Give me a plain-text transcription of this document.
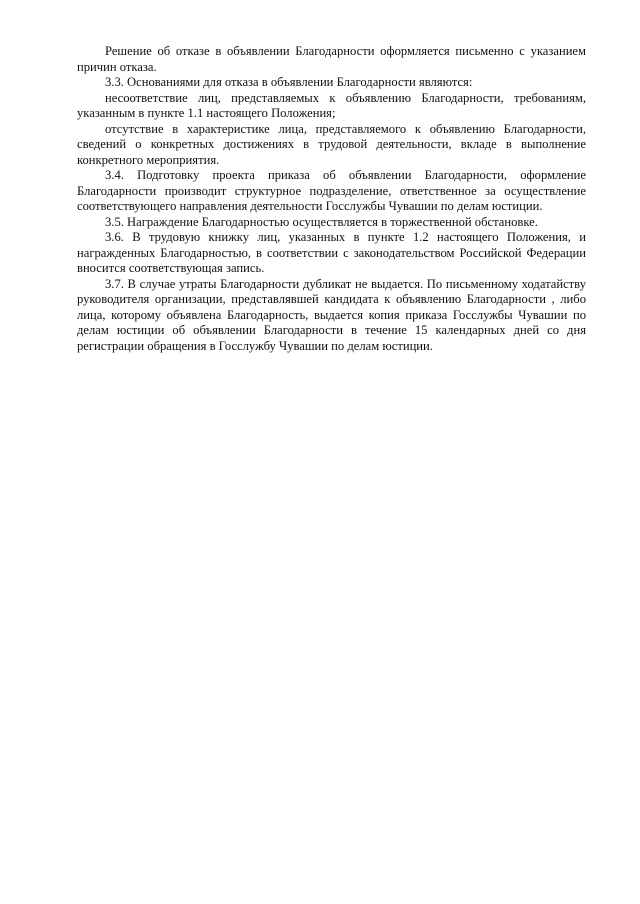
Решение об отказе в объявлении Благодарности оформляется письменно с указанием причин отказа.

3.3. Основаниями для отказа в объявлении Благодарности являются:

несоответствие лиц, представляемых к объявлению Благодарности, требованиям, указанным в пункте 1.1 настоящего Положения;

отсутствие в характеристике лица, представляемого к объявлению Благодарности, сведений о конкретных достижениях в трудовой деятельности, вкладе в выполнение конкретного мероприятия.

3.4. Подготовку проекта приказа об объявлении Благодарности, оформление Благодарности производит структурное подразделение, ответственное за осуществление соответствующего направления деятельности Госслужбы Чувашии по делам юстиции.

3.5. Награждение Благодарностью осуществляется в торжественной обстановке.

3.6. В трудовую книжку лиц, указанных в пункте 1.2 настоящего Положения, и награжденных Благодарностью, в соответствии с законодательством Российской Федерации вносится соответствующая запись.

3.7. В случае утраты Благодарности дубликат не выдается. По письменному ходатайству руководителя организации, представлявшей кандидата к объявлению Благодарности , либо лица, которому объявлена Благодарность, выдается копия приказа Госслужбы Чувашии по делам юстиции об объявлении Благодарности в течение 15 календарных дней со дня регистрации обращения в Госслужбу Чувашии по делам юстиции.
